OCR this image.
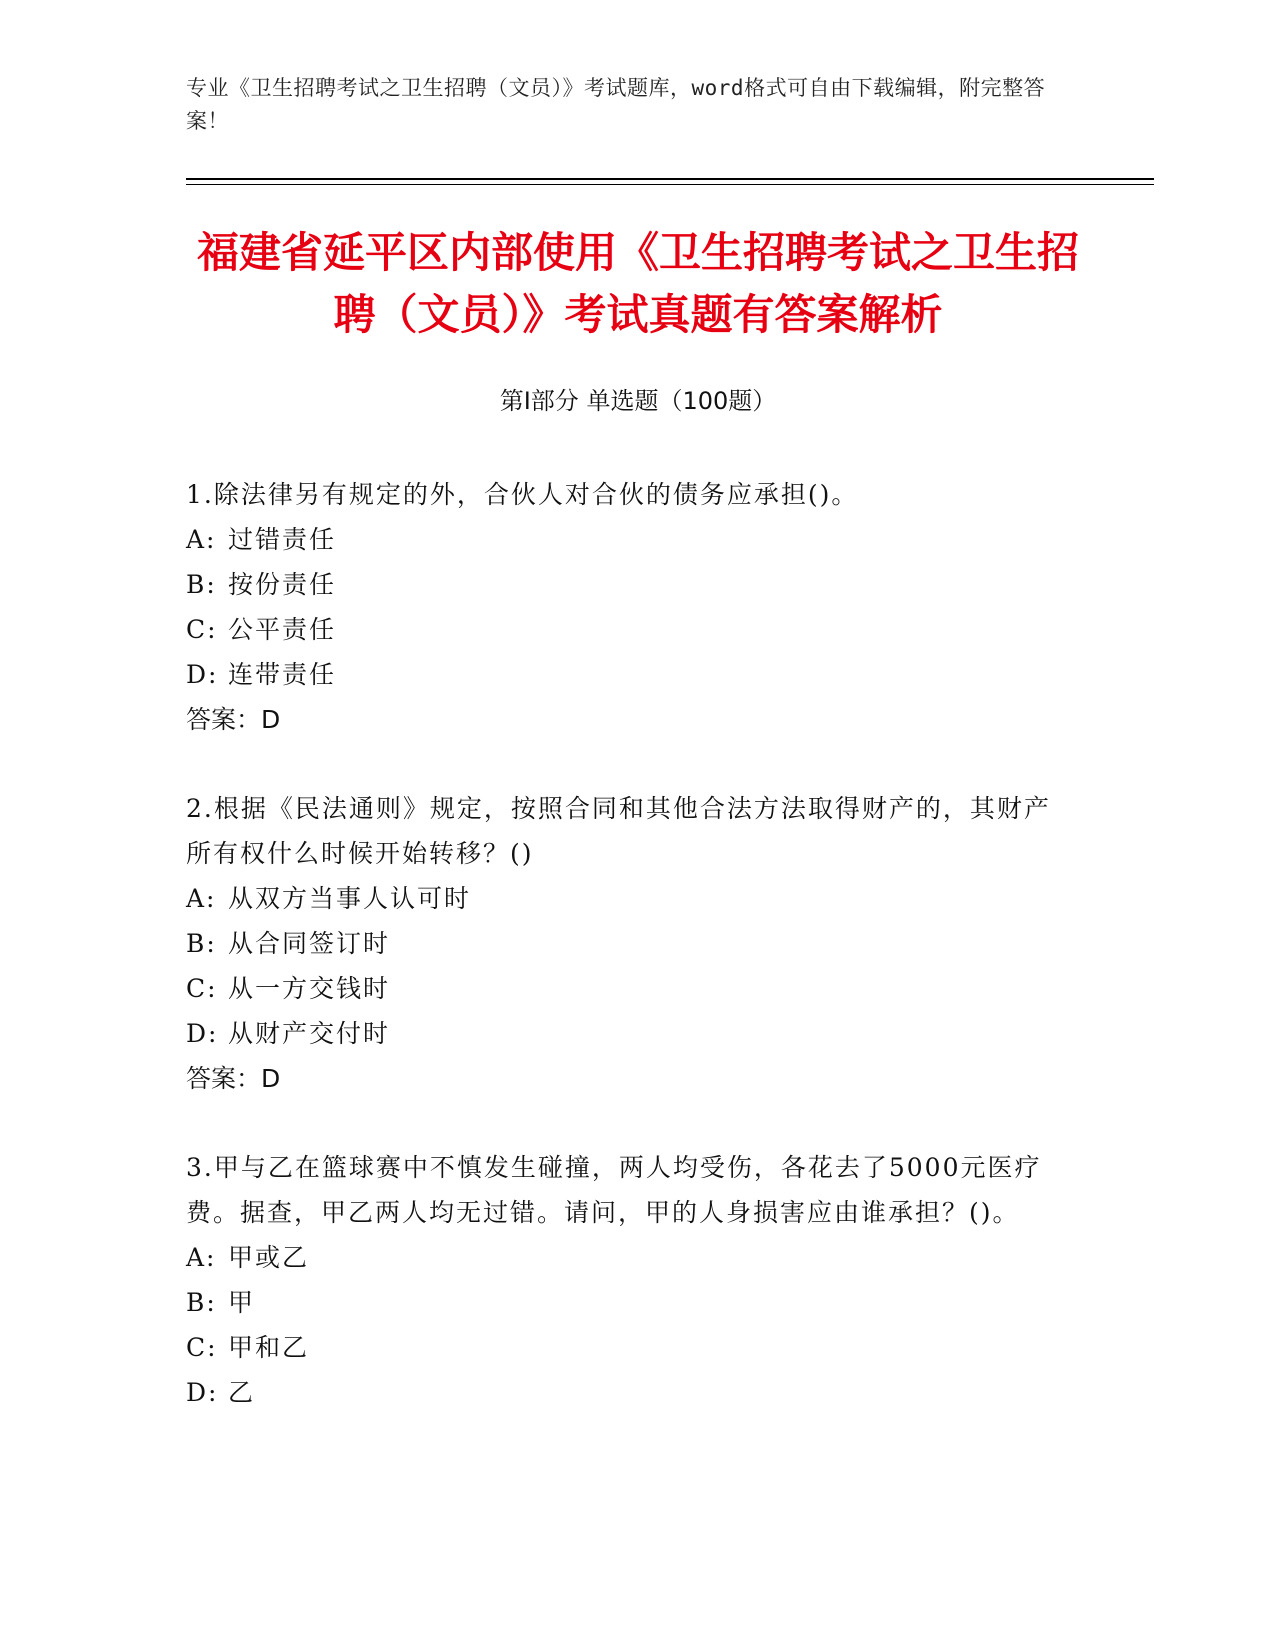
专业《卫生招聘考试之卫生招聘（文员）》考试题库，word格式可自由下载编辑，附完整答案！
福建省延平区内部使用《卫生招聘考试之卫生招聘（文员）》考试真题有答案解析
第Ⅰ部分 单选题（100题）
1.除法律另有规定的外，合伙人对合伙的债务应承担()。
A: 过错责任
B: 按份责任
C: 公平责任
D: 连带责任
答案：D
2.根据《民法通则》规定，按照合同和其他合法方法取得财产的，其财产所有权什么时候开始转移？()
A: 从双方当事人认可时
B: 从合同签订时
C: 从一方交钱时
D: 从财产交付时
答案：D
3.甲与乙在篮球赛中不慎发生碰撞，两人均受伤，各花去了5000元医疗费。据查，甲乙两人均无过错。请问，甲的人身损害应由谁承担？()。
A: 甲或乙
B: 甲
C: 甲和乙
D: 乙
